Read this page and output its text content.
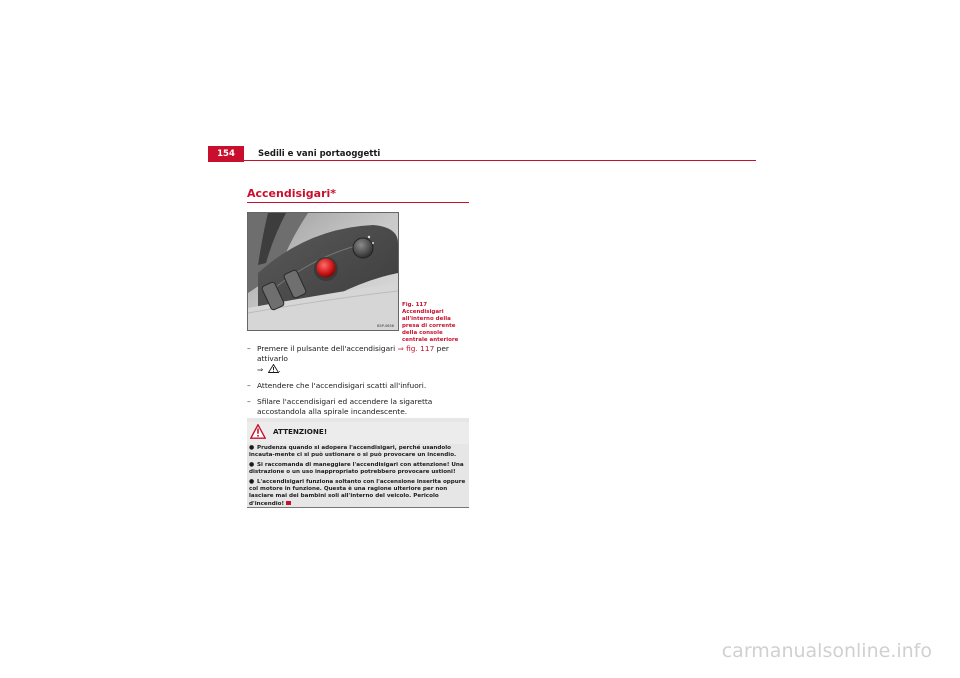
154	Sedili e vani portaoggetti
Accendisigari*
B5P-0656
Fig. 117 Accendisigari all'interno della presa di corrente della console centrale anteriore
– Premere il pulsante dell'accendisigari ⇒ fig. 117 per attivarlo
⇒ .
– Attendere che l'accendisigari scatti all'infuori.
– Sfilare l'accendisigari ed accendere la sigaretta accostandola alla spirale incandescente.
ATTENZIONE!
● Prudenza quando si adopera l'accendisigari, perché usandolo incauta-mente ci si può ustionare o si può provocare un incendio.
● Si raccomanda di maneggiare l'accendisigari con attenzione! Una distrazione o un uso inappropriato potrebbero provocare ustioni!
● L'accendisigari funziona soltanto con l'accensione inserita oppure col motore in funzione. Questa è una ragione ulteriore per non lasciare mai dei bambini soli all'interno del veicolo. Pericolo d'incendio!
carmanualsonline.info
